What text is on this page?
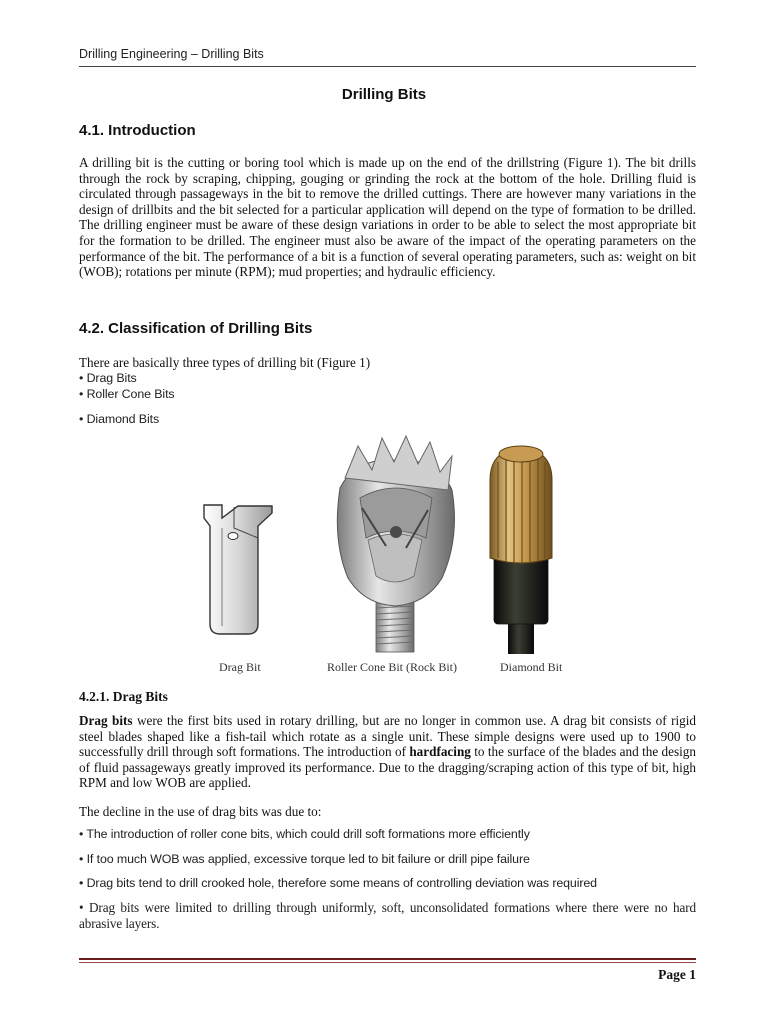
Drilling Engineering – Drilling Bits
Drilling Bits
4.1. Introduction
A drilling bit is the cutting or boring tool which is made up on the end of the drillstring (Figure 1). The bit drills through the rock by scraping, chipping, gouging or grinding the rock at the bottom of the hole. Drilling fluid is circulated through passageways in the bit to remove the drilled cuttings. There are however many variations in the design of drillbits and the bit selected for a particular application will depend on the type of formation to be drilled. The drilling engineer must be aware of these design variations in order to be able to select the most appropriate bit for the formation to be drilled. The engineer must also be aware of the impact of the operating parameters on the performance of the bit. The performance of a bit is a function of several operating parameters, such as: weight on bit (WOB); rotations per minute (RPM); mud properties; and hydraulic efficiency.
4.2. Classification of Drilling Bits
There are basically three types of drilling bit (Figure 1)
• Drag Bits
• Roller Cone Bits
• Diamond Bits
Drag Bit	Roller Cone Bit (Rock Bit)	Diamond Bit
4.2.1. Drag Bits
Drag bits were the first bits used in rotary drilling, but are no longer in common use. A drag bit consists of rigid steel blades shaped like a fish-tail which rotate as a single unit. These simple designs were used up to 1900 to successfully drill through soft formations. The introduction of hardfacing to the surface of the blades and the design of fluid passageways greatly improved its performance. Due to the dragging/scraping action of this type of bit, high RPM and low WOB are applied.
The decline in the use of drag bits was due to:
• The introduction of roller cone bits, which could drill soft formations more efficiently
• If too much WOB was applied, excessive torque led to bit failure or drill pipe failure
• Drag bits tend to drill crooked hole, therefore some means of controlling deviation was required
• Drag bits were limited to drilling through uniformly, soft, unconsolidated formations where there were no hard abrasive layers.
Page 1
